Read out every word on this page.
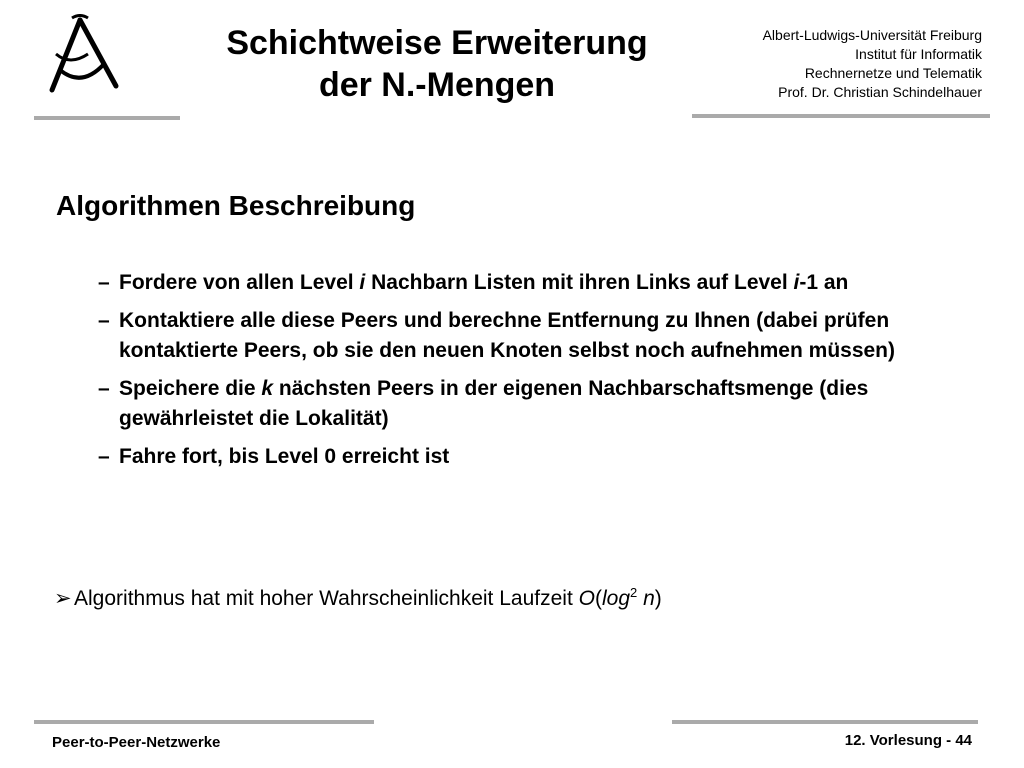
Schichtweise Erweiterung
der N.-Mengen
Albert-Ludwigs-Universität Freiburg
Institut für Informatik
Rechnernetze und Telematik
Prof. Dr. Christian Schindelhauer
Algorithmen Beschreibung
– Fordere von allen Level i Nachbarn Listen mit ihren Links auf Level i-1 an
– Kontaktiere alle diese Peers und berechne Entfernung zu Ihnen (dabei prüfen kontaktierte Peers, ob sie den neuen Knoten selbst noch aufnehmen müssen)
– Speichere die k nächsten Peers in der eigenen Nachbarschaftsmenge (dies gewährleistet die Lokalität)
– Fahre fort, bis Level 0 erreicht ist
➢ Algorithmus hat mit hoher Wahrscheinlichkeit Laufzeit $O(\log^2$ n)
Peer-to-Peer-Netzwerke	12. Vorlesung - 44
